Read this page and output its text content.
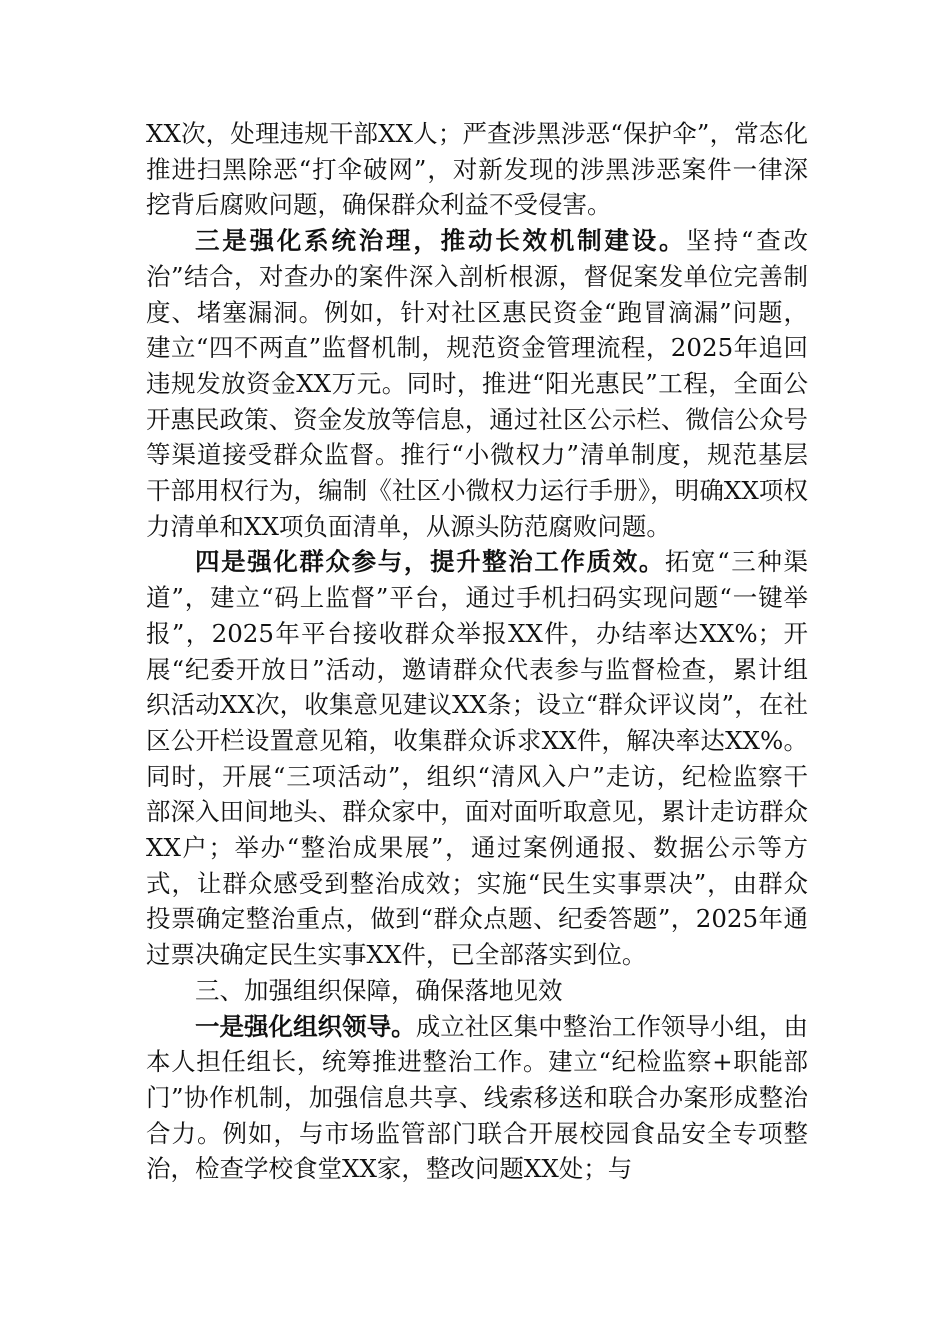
XX次，处理违规干部XX人；严查涉黑涉恶“保护伞”，常态化推进扫黑除恶“打伞破网”，对新发现的涉黑涉恶案件一律深挖背后腐败问题，确保群众利益不受侵害。

三是强化系统治理，推动长效机制建设。坚持“查改治”结合，对查办的案件深入剖析根源，督促案发单位完善制度、堵塞漏洞。例如，针对社区惠民资金“跑冒滴漏”问题，建立“四不两直”监督机制，规范资金管理流程，2025年追回违规发放资金XX万元。同时，推进“阳光惠民”工程，全面公开惠民政策、资金发放等信息，通过社区公示栏、微信公众号等渠道接受群众监督。推行“小微权力”清单制度，规范基层干部用权行为，编制《社区小微权力运行手册》，明确XX项权力清单和XX项负面清单，从源头防范腐败问题。

四是强化群众参与，提升整治工作质效。拓宽“三种渠道”，建立“码上监督”平台，通过手机扫码实现问题“一键举报”，2025年平台接收群众举报XX件，办结率达XX%；开展“纪委开放日”活动，邀请群众代表参与监督检查，累计组织活动XX次，收集意见建议XX条；设立“群众评议岗”，在社区公开栏设置意见箱，收集群众诉求XX件，解决率达XX%。同时，开展“三项活动”，组织“清风入户”走访，纪检监察干部深入田间地头、群众家中，面对面听取意见，累计走访群众XX户；举办“整治成果展”，通过案例通报、数据公示等方式，让群众感受到整治成效；实施“民生实事票决”，由群众投票确定整治重点，做到“群众点题、纪委答题”，2025年通过票决确定民生实事XX件，已全部落实到位。

三、加强组织保障，确保落地见效

一是强化组织领导。成立社区集中整治工作领导小组，由本人担任组长，统筹推进整治工作。建立“纪检监察+职能部门”协作机制，加强信息共享、线索移送和联合办案形成整治合力。例如，与市场监管部门联合开展校园食品安全专项整治，检查学校食堂XX家，整改问题XX处；与
